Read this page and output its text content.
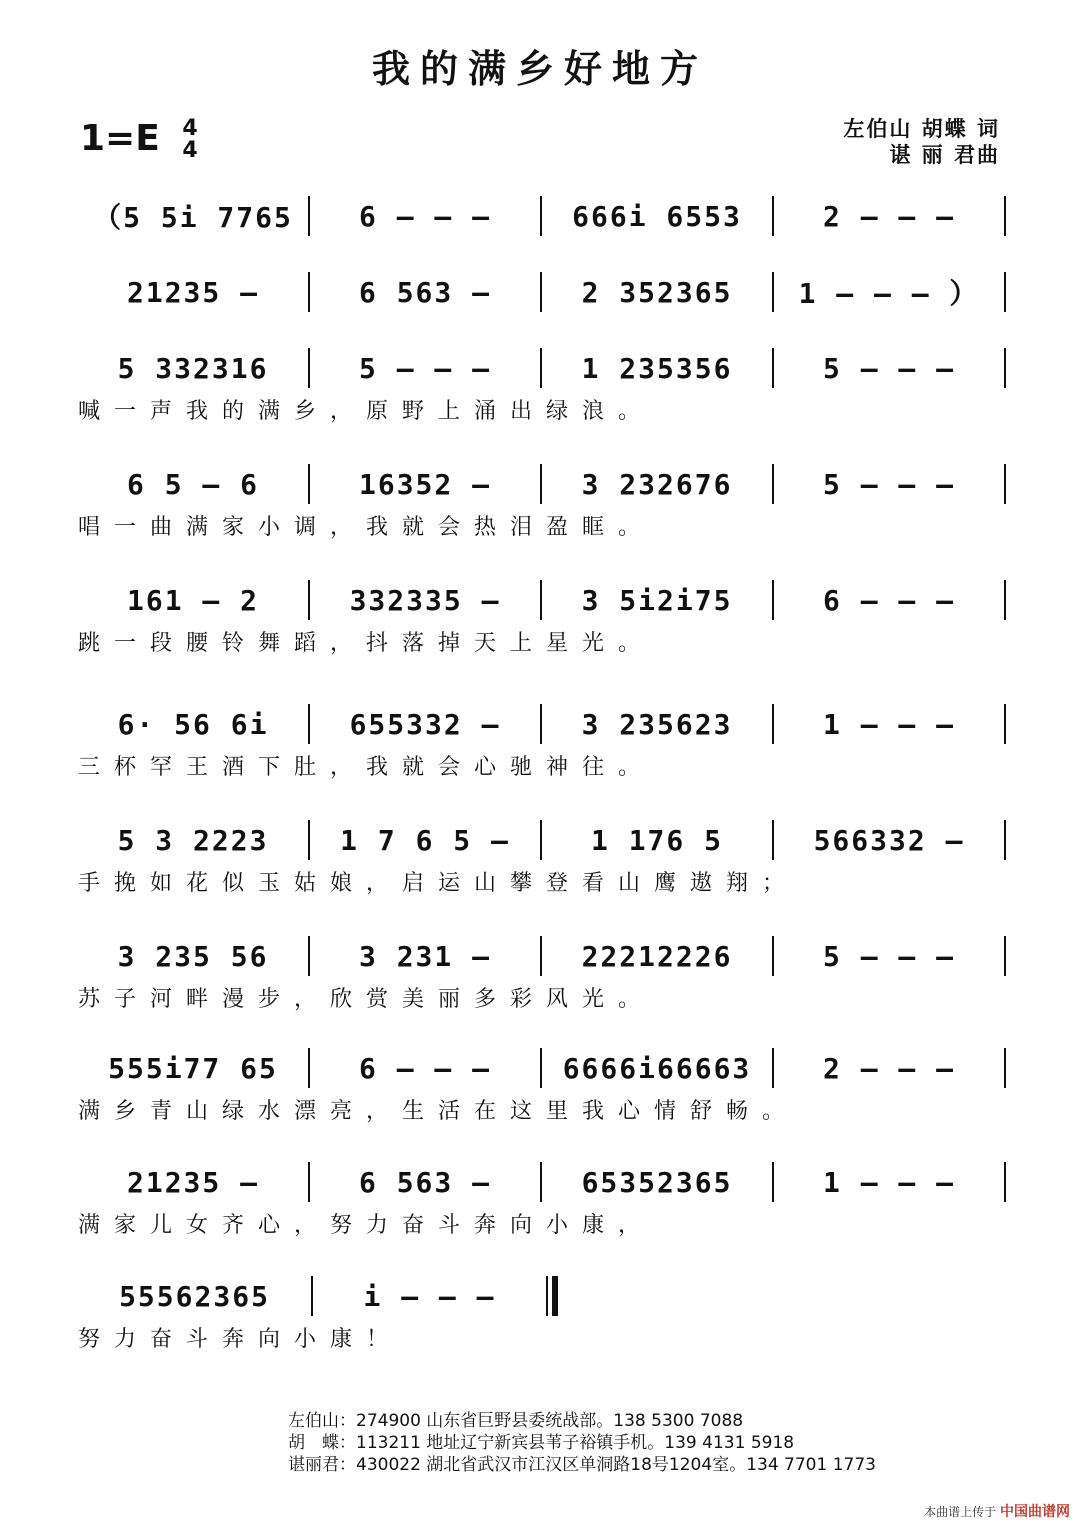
我的满乡好地方
1=E 4
4
左伯山 胡蝶 词
谌 丽 君曲
（5 5i 7765	6 – – –	666i 6553	2 – – –
21235 –	6 563 –	2 352365	1 – – – ）
5 332316	5 – – –	1 235356	5 – – –
喊一声我的满乡，原野上涌出绿浪。
6 5 – 6	16352 –	3 232676	5 – – –
唱一曲满家小调，我就会热泪盈眶。
161 – 2	332335 –	3 5i2i75	6 – – –
跳一段腰铃舞蹈，抖落掉天上星光。
6· 56 6i	655332 –	3 235623	1 – – –
三杯罕王酒下肚，我就会心驰神往。
5 3 2223	1 7 6 5 –	1 176 5	566332 –
手挽如花似玉姑娘，启运山攀登看山鹰遨翔；
3 235 56	3 231 –	22212226	5 – – –
苏子河畔漫步，欣赏美丽多彩风光。
555i77 65	6 – – –	6666i66663	2 – – –
满乡青山绿水漂亮，生活在这里我心情舒畅。
21235 –	6 563 –	65352365	1 – – –
满家儿女齐心，努力奋斗奔向小康，
55562365	i – – –
努力奋斗奔向小康！
左伯山：274900 山东省巨野县委统战部。138 5300 7088
胡　蝶：113211 地址辽宁新宾县苇子裕镇手机。139 4131 5918
谌丽君：430022 湖北省武汉市江汉区单洞路18号1204室。134 7701 1773
本曲谱上传于 中国曲谱网
